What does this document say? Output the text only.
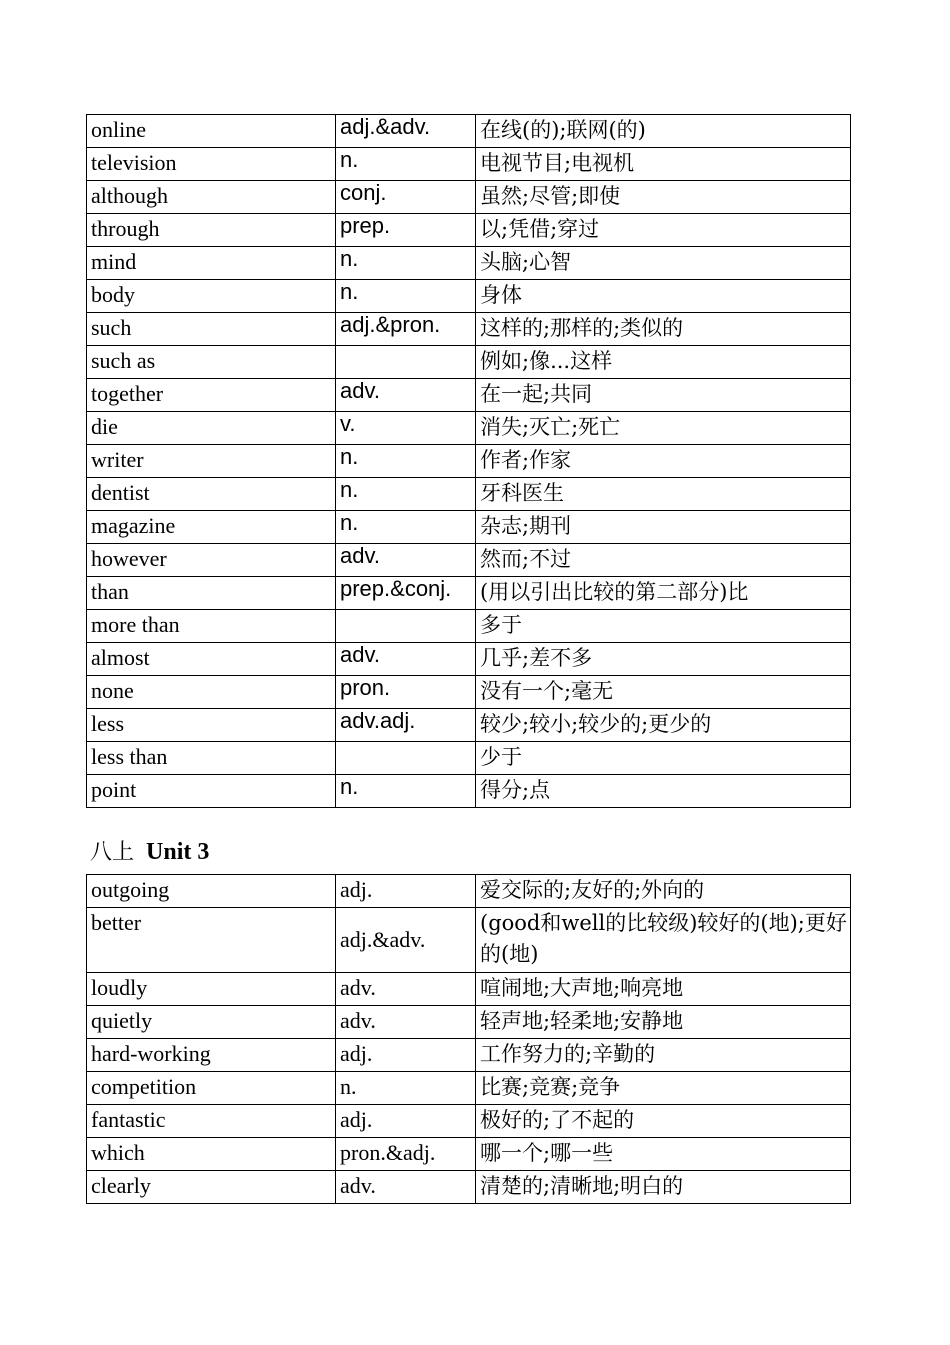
online	adj.&adv.	在线(的);联网(的)
television	n.	电视节目;电视机
although	conj.	虽然;尽管;即使
through	prep.	以;凭借;穿过
mind	n.	头脑;心智
body	n.	身体
such	adj.&pron.	这样的;那样的;类似的
such as		例如;像...这样
together	adv.	在一起;共同
die	v.	消失;灭亡;死亡
writer	n.	作者;作家
dentist	n.	牙科医生
magazine	n.	杂志;期刊
however	adv.	然而;不过
than	prep.&conj.	(用以引出比较的第二部分)比
more than		多于
almost	adv.	几乎;差不多
none	pron.	没有一个;毫无
less	adv.adj.	较少;较小;较少的;更少的
less than		少于
point	n.	得分;点
八上 Unit 3
outgoing	adj.	爱交际的;友好的;外向的
better	adj.&adv.	(good和well的比较级)较好的(地);更好的(地)
loudly	adv.	喧闹地;大声地;响亮地
quietly	adv.	轻声地;轻柔地;安静地
hard-working	adj.	工作努力的;辛勤的
competition	n.	比赛;竞赛;竞争
fantastic	adj.	极好的;了不起的
which	pron.&adj.	哪一个;哪一些
clearly	adv.	清楚的;清晰地;明白的
